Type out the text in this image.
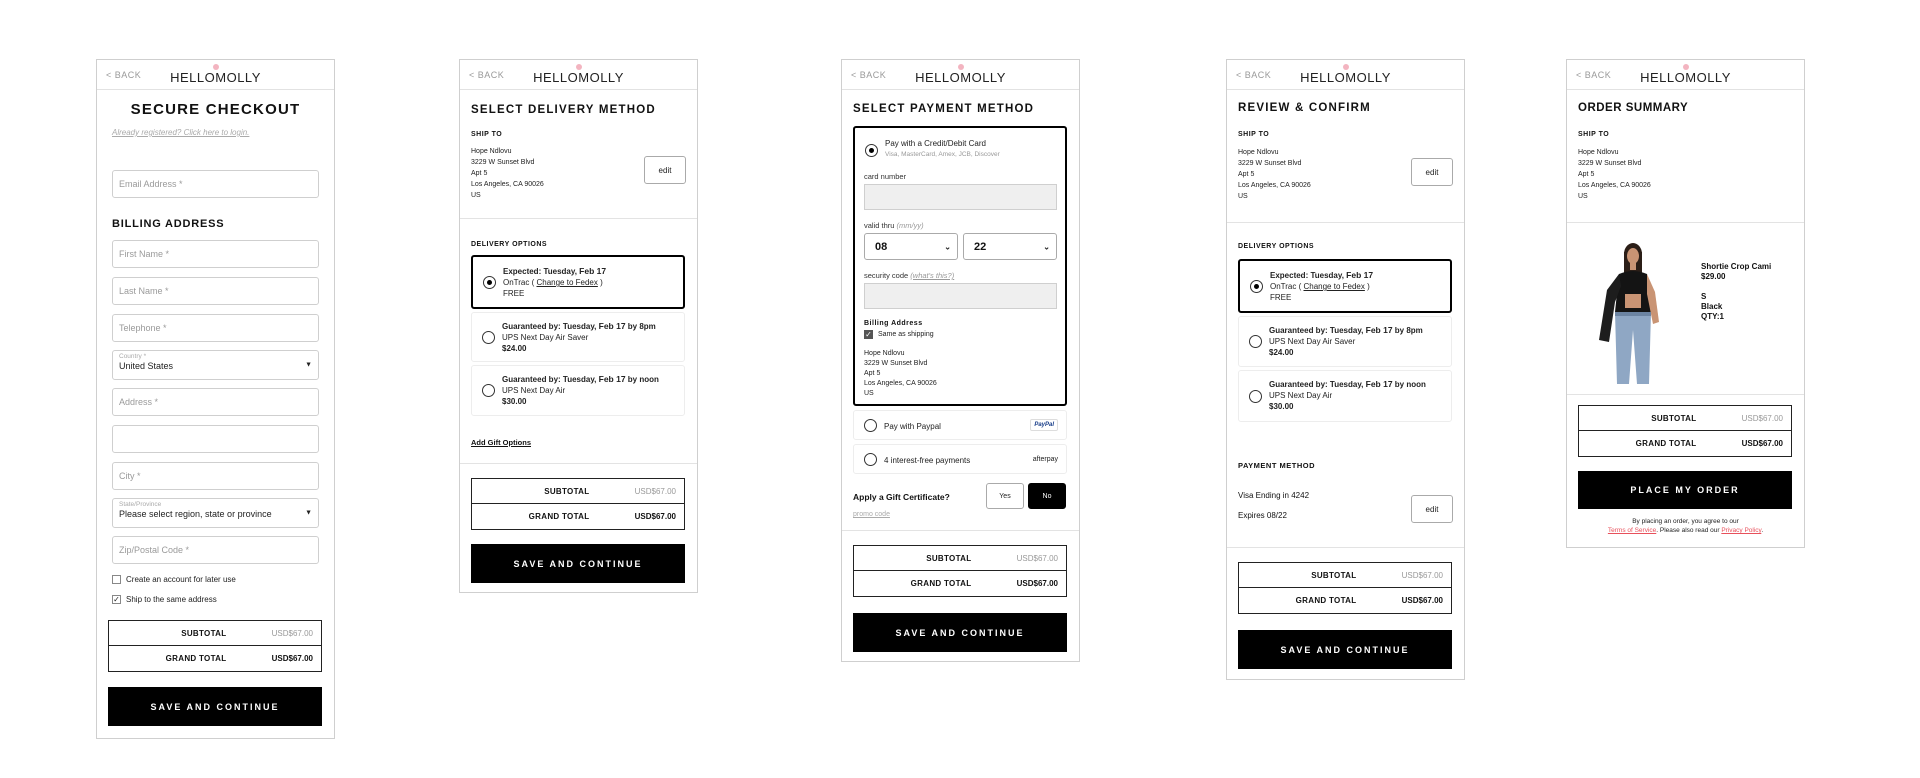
< BACK	HELLOMOLLY
SECURE CHECKOUT
Already registered? Click here to login.
Email Address *
BILLING ADDRESS
First Name *
Last Name *
Telephone *
Country *
United States	▼
Address *
City *
State/Province
Please select region, state or province	▼
Zip/Postal Code *
Create an account for later use
✓ Ship to the same address
SUBTOTAL	USD$67.00
GRAND TOTAL	USD$67.00
SAVE AND CONTINUE
< BACK	HELLOMOLLY
SELECT DELIVERY METHOD
SHIP TO
Hope Ndlovu
3229 W Sunset Blvd
Apt 5
Los Angeles, CA 90026
US
edit
DELIVERY OPTIONS
Expected: Tuesday, Feb 17
OnTrac ( Change to Fedex )
FREE
Guaranteed by: Tuesday, Feb 17 by 8pm
UPS Next Day Air Saver
$24.00
Guaranteed by: Tuesday, Feb 17 by noon
UPS Next Day Air
$30.00
Add Gift Options
SUBTOTAL	USD$67.00
GRAND TOTAL	USD$67.00
SAVE AND CONTINUE
< BACK	HELLOMOLLY
SELECT PAYMENT METHOD
Pay with a Credit/Debit Card
Visa, MasterCard, Amex, JCB, Discover
card number
valid thru (mm/yy)
08	⌄ 22	⌄
security code (what's this?)
Billing Address
✓ Same as shipping
Hope Ndlovu
3229 W Sunset Blvd
Apt 5
Los Angeles, CA 90026
US
Pay with Paypal	PayPal
4 interest-free payments	afterpay
Apply a Gift Certificate?	Yes	No
promo code
SUBTOTAL	USD$67.00
GRAND TOTAL	USD$67.00
SAVE AND CONTINUE
< BACK	HELLOMOLLY
REVIEW & CONFIRM
SHIP TO
Hope Ndlovu
3229 W Sunset Blvd
Apt 5
Los Angeles, CA 90026
US
edit
DELIVERY OPTIONS
Expected: Tuesday, Feb 17
OnTrac ( Change to Fedex )
FREE
Guaranteed by: Tuesday, Feb 17 by 8pm
UPS Next Day Air Saver
$24.00
Guaranteed by: Tuesday, Feb 17 by noon
UPS Next Day Air
$30.00
PAYMENT METHOD
Visa Ending in 4242
Expires 08/22
edit
SUBTOTAL	USD$67.00
GRAND TOTAL	USD$67.00
SAVE AND CONTINUE
< BACK	HELLOMOLLY
ORDER SUMMARY
SHIP TO
Hope Ndlovu
3229 W Sunset Blvd
Apt 5
Los Angeles, CA 90026
US
Shortie Crop Cami
$29.00
S
Black
QTY:1
SUBTOTAL	USD$67.00
GRAND TOTAL	USD$67.00
PLACE MY ORDER
By placing an order, you agree to our
Terms of Service. Please also read our Privacy Policy.
